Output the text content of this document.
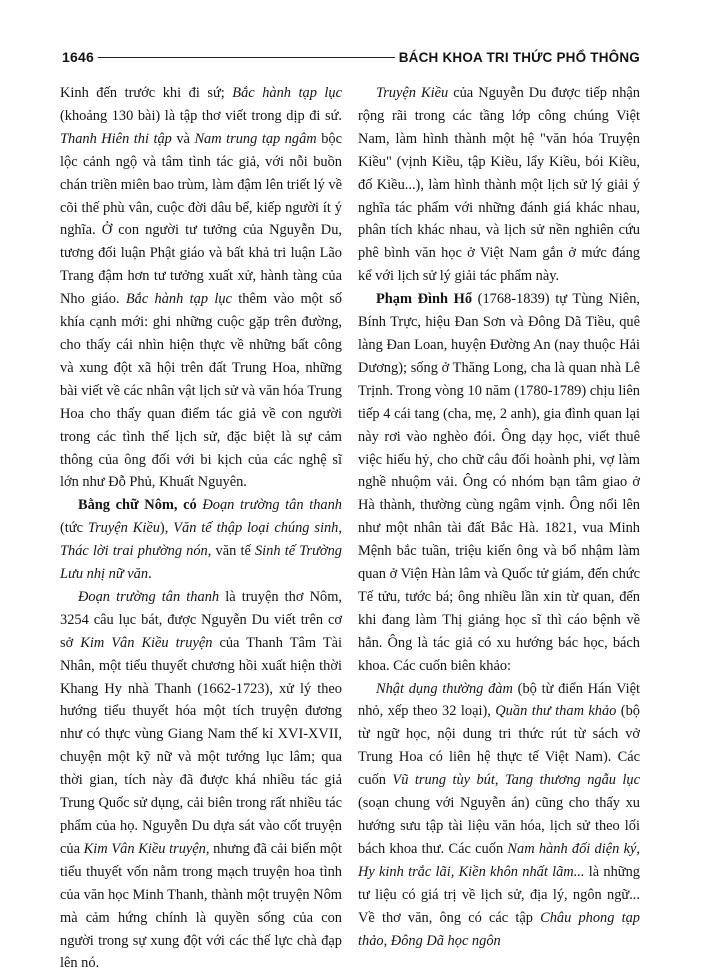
1646	BÁCH KHOA TRI THỨC PHỔ THÔNG

Kinh đến trước khi đi sứ; Bắc hành tạp lục (khoảng 130 bài) là tập thơ viết trong dịp đi sứ. Thanh Hiên thi tập và Nam trung tạp ngâm bộc lộc cảnh ngộ và tâm tình tác giả, với nỗi buồn chán triền miên bao trùm, làm đậm lên triết lý về cõi thế phù vân, cuộc đời dâu bể, kiếp người ít ý nghĩa. Ở con người tư tưởng của Nguyễn Du, tương đối luận Phật giáo và bất khả tri luận Lão Trang đậm hơn tư tưởng xuất xử, hành tàng của Nho giáo. Bắc hành tạp lục thêm vào một số khía cạnh mới: ghi những cuộc gặp trên đường, cho thấy cái nhìn hiện thực về những bất công và xung đột xã hội trên đất Trung Hoa, những bài viết về các nhân vật lịch sử và văn hóa Trung Hoa cho thấy quan điểm tác giả về con người trong các tình thế lịch sử, đặc biệt là sự cảm thông của ông đối với bi kịch của các nghệ sĩ lớn như Đỗ Phủ, Khuất Nguyên.

Bằng chữ Nôm, có Đoạn trường tân thanh (tức Truyện Kiều), Văn tế thập loại chúng sinh, Thác lời trai phường nón, văn tế Sinh tế Trường Lưu nhị nữ văn.

Đoạn trường tân thanh là truyện thơ Nôm, 3254 câu lục bát, được Nguyễn Du viết trên cơ sở Kim Vân Kiều truyện của Thanh Tâm Tài Nhân, một tiểu thuyết chương hồi xuất hiện thời Khang Hy nhà Thanh (1662-1723), xử lý theo hướng tiểu thuyết hóa một tích truyện đương như có thực vùng Giang Nam thế kỉ XVI-XVII, chuyện một kỹ nữ và một tướng lục lâm; qua thời gian, tích này đã được khá nhiều tác giả Trung Quốc sử dụng, cải biên trong rất nhiều tác phẩm của họ. Nguyễn Du dựa sát vào cốt truyện của Kim Vân Kiều truyện, nhưng đã cải biến một tiểu thuyết vốn nằm trong mạch truyện hoa tình của văn học Minh Thanh, thành một truyện Nôm mà cảm hứng chính là quyền sống của con người trong sự xung đột với các thế lực chà đạp lên nó.

Truyện Kiều của Nguyễn Du được tiếp nhận rộng rãi trong các tầng lớp công chúng Việt Nam, làm hình thành một hệ "văn hóa Truyện Kiều" (vịnh Kiều, tập Kiều, lẩy Kiều, bói Kiều, đố Kiều...), làm hình thành một lịch sử lý giải ý nghĩa tác phẩm với những đánh giá khác nhau, phân tích khác nhau, và lịch sử nền nghiên cứu phê bình văn học ở Việt Nam gắn ở mức đáng kể với lịch sử lý giải tác phẩm này.

Phạm Đình Hổ (1768-1839) tự Tùng Niên, Bính Trực, hiệu Đan Sơn và Đông Dã Tiều, quê làng Đan Loan, huyện Đường An (nay thuộc Hải Dương); sống ở Thăng Long, cha là quan nhà Lê Trịnh. Trong vòng 10 năm (1780-1789) chịu liên tiếp 4 cái tang (cha, mẹ, 2 anh), gia đình quan lại này rơi vào nghèo đói. Ông dạy học, viết thuê việc hiếu hỷ, cho chữ câu đối hoành phi, vợ làm nghề nhuộm vải. Ông có nhóm bạn tâm giao ở Hà thành, thường cùng ngâm vịnh. Ông nổi lên như một nhân tài đất Bắc Hà. 1821, vua Minh Mệnh bắc tuần, triệu kiến ông và bổ nhậm làm quan ở Viện Hàn lâm và Quốc tử giám, đến chức Tế tửu, tước bá; ông nhiều lần xin từ quan, đến khi đang làm Thị giảng học sĩ thì cáo bệnh về hẳn. Ông là tác giả có xu hướng bác học, bách khoa. Các cuốn biên khảo:

Nhật dụng thường đàm (bộ từ điển Hán Việt nhỏ, xếp theo 32 loại), Quần thư tham khảo (bộ từ ngữ học, nội dung tri thức rút từ sách vở Trung Hoa có liên hệ thực tế Việt Nam). Các cuốn Vũ trung tùy bút, Tang thương ngẫu lục (soạn chung với Nguyễn án) cũng cho thấy xu hướng sưu tập tài liệu văn hóa, lịch sử theo lối bách khoa thư. Các cuốn Nam hành đối diện ký, Hy kinh trắc lãi, Kiền khôn nhất lãm... là những tư liệu có giá trị về lịch sử, địa lý, ngôn ngữ... Về thơ văn, ông có các tập Châu phong tạp thảo, Đông Dã học ngôn
